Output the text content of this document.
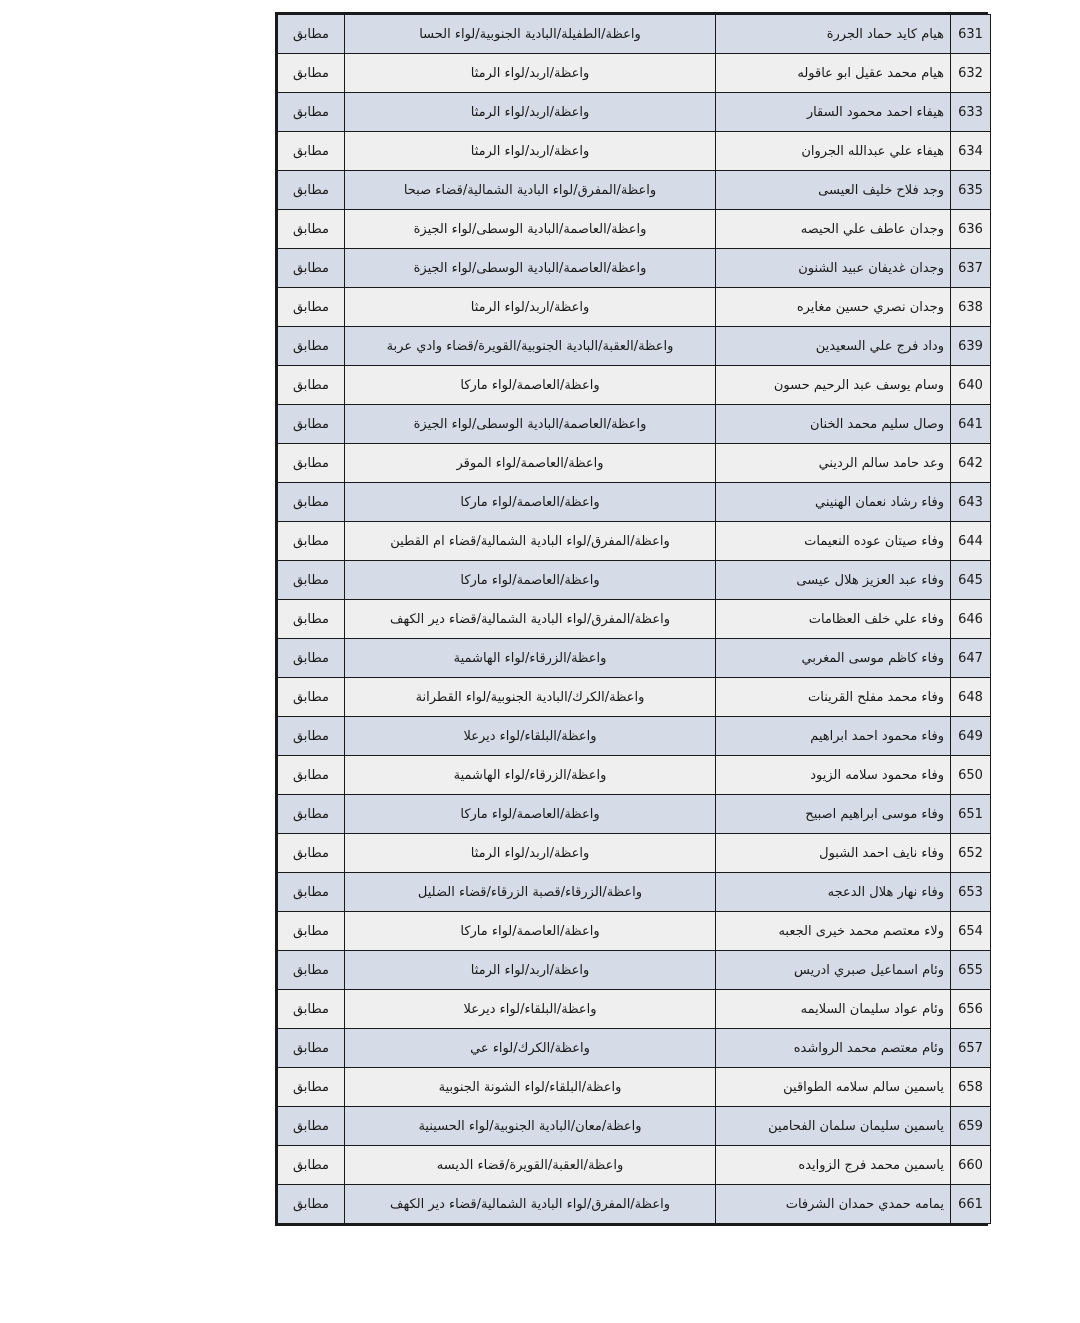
631	هيام كايد حماد الجررة	واعظة/الطفيلة/البادية الجنوبية/لواء الحسا	مطابق
632	هيام محمد عقيل ابو عاقوله	واعظة/اربد/لواء الرمثا	مطابق
633	هيفاء احمد محمود السقار	واعظة/اربد/لواء الرمثا	مطابق
634	هيفاء علي عبدالله الجروان	واعظة/اربد/لواء الرمثا	مطابق
635	وجد فلاح خليف العيسى	واعظة/المفرق/لواء البادية الشمالية/قضاء صبحا	مطابق
636	وجدان عاطف علي الحيصه	واعظة/العاصمة/البادية الوسطى/لواء الجيزة	مطابق
637	وجدان غديفان عبيد الشنون	واعظة/العاصمة/البادية الوسطى/لواء الجيزة	مطابق
638	وجدان نصري حسين مغايره	واعظة/اربد/لواء الرمثا	مطابق
639	وداد فرج علي السعيدين	واعظة/العقبة/البادية الجنوبية/القويرة/قضاء وادي عربة	مطابق
640	وسام يوسف عبد الرحيم حسون	واعظة/العاصمة/لواء ماركا	مطابق
641	وصال سليم محمد الخنان	واعظة/العاصمة/البادية الوسطى/لواء الجيزة	مطابق
642	وعد حامد سالم الرديني	واعظة/العاصمة/لواء الموقر	مطابق
643	وفاء رشاد نعمان الهنيني	واعظة/العاصمة/لواء ماركا	مطابق
644	وفاء صيتان عوده النعيمات	واعظة/المفرق/لواء البادية الشمالية/قضاء ام القطين	مطابق
645	وفاء عبد العزيز هلال عيسى	واعظة/العاصمة/لواء ماركا	مطابق
646	وفاء علي خلف العظامات	واعظة/المفرق/لواء البادية الشمالية/قضاء دير الكهف	مطابق
647	وفاء كاظم موسى المغربي	واعظة/الزرقاء/لواء الهاشمية	مطابق
648	وفاء محمد مفلح القرينات	واعظة/الكرك/البادية الجنوبية/لواء القطرانة	مطابق
649	وفاء محمود احمد ابراهيم	واعظة/البلقاء/لواء ديرعلا	مطابق
650	وفاء محمود سلامه الزيود	واعظة/الزرقاء/لواء الهاشمية	مطابق
651	وفاء موسى ابراهيم اصبيح	واعظة/العاصمة/لواء ماركا	مطابق
652	وفاء نايف احمد الشبول	واعظة/اربد/لواء الرمثا	مطابق
653	وفاء نهار هلال الدعجه	واعظة/الزرقاء/قصبة الزرقاء/قضاء الضليل	مطابق
654	ولاء معتصم محمد خيرى الجعبه	واعظة/العاصمة/لواء ماركا	مطابق
655	وئام اسماعيل صبري ادريس	واعظة/اربد/لواء الرمثا	مطابق
656	وئام عواد سليمان السلايمه	واعظة/البلقاء/لواء ديرعلا	مطابق
657	وئام معتصم محمد الرواشده	واعظة/الكرك/لواء عي	مطابق
658	ياسمين سالم سلامه الطواقين	واعظة/البلقاء/لواء الشونة الجنوبية	مطابق
659	ياسمين سليمان سلمان الفحامين	واعظة/معان/البادية الجنوبية/لواء الحسينية	مطابق
660	ياسمين محمد فرج الزوايده	واعظة/العقبة/القويرة/قضاء الديسه	مطابق
661	يمامه حمدي حمدان الشرفات	واعظة/المفرق/لواء البادية الشمالية/قضاء دير الكهف	مطابق
